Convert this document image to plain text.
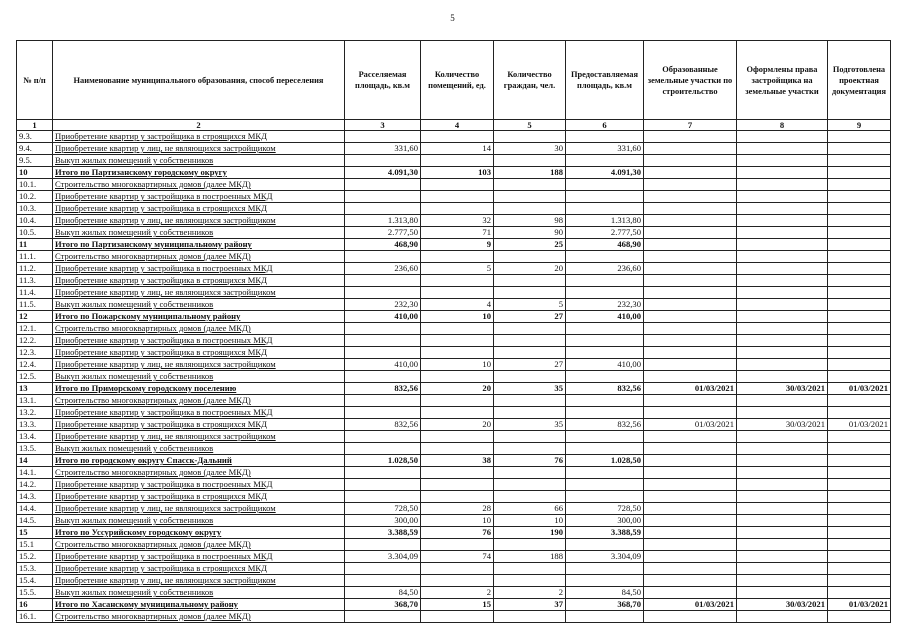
5
№ п/п	Наименование муниципального образования, способ переселения	Расселяемая площадь, кв.м	Количество помещений, ед.	Количество граждан, чел.	Предоставляемая площадь, кв.м	Образованные земельные участки по строительство	Оформлены права застройщика на земельные участки	Подготовлена проектная документация
1	2	3	4	5	6	7	8	9
9.3.	Приобретение квартир у застройщика в строящихся МКД							
9.4.	Приобретение квартир у лиц, не являющихся застройщиком	331,60	14	30	331,60			
9.5.	Выкуп жилых помещений у собственников							
10	Итого по Партизанскому городскому округу	4.091,30	103	188	4.091,30			
10.1.	Строительство многоквартирных домов (далее МКД)							
10.2.	Приобретение квартир у застройщика в построенных МКД							
10.3.	Приобретение квартир у застройщика в строящихся МКД							
10.4.	Приобретение квартир у лиц, не являющихся застройщиком	1.313,80	32	98	1.313,80			
10.5.	Выкуп жилых помещений у собственников	2.777,50	71	90	2.777,50			
11	Итого по Партизанскому муниципальному району	468,90	9	25	468,90			
11.1.	Строительство многоквартирных домов (далее МКД)							
11.2.	Приобретение квартир у застройщика в построенных МКД	236,60	5	20	236,60			
11.3.	Приобретение квартир у застройщика в строящихся МКД							
11.4.	Приобретение квартир у лиц, не являющихся застройщиком							
11.5.	Выкуп жилых помещений у собственников	232,30	4	5	232,30			
12	Итого по Пожарскому муниципальному району	410,00	10	27	410,00			
12.1.	Строительство многоквартирных домов (далее МКД)							
12.2.	Приобретение квартир у застройщика в построенных МКД							
12.3.	Приобретение квартир у застройщика в строящихся МКД							
12.4.	Приобретение квартир у лиц, не являющихся застройщиком	410,00	10	27	410,00			
12.5.	Выкуп жилых помещений у собственников							
13	Итого по Приморскому городскому поселению	832,56	20	35	832,56	01/03/2021	30/03/2021	01/03/2021
13.1.	Строительство многоквартирных домов (далее МКД)							
13.2.	Приобретение квартир у застройщика в построенных МКД							
13.3.	Приобретение квартир у застройщика в строящихся МКД	832,56	20	35	832,56	01/03/2021	30/03/2021	01/03/2021
13.4.	Приобретение квартир у лиц, не являющихся застройщиком							
13.5.	Выкуп жилых помещений у собственников							
14	Итого по городскому округу Спасск-Дальний	1.028,50	38	76	1.028,50			
14.1.	Строительство многоквартирных домов (далее МКД)							
14.2.	Приобретение квартир у застройщика в построенных МКД							
14.3.	Приобретение квартир у застройщика в строящихся МКД							
14.4.	Приобретение квартир у лиц, не являющихся застройщиком	728,50	28	66	728,50			
14.5.	Выкуп жилых помещений у собственников	300,00	10	10	300,00			
15	Итого по Уссурийскому городскому округу	3.388,59	76	190	3.388,59			
15.1	Строительство многоквартирных домов (далее МКД)							
15.2.	Приобретение квартир у застройщика в построенных МКД	3.304,09	74	188	3.304,09			
15.3.	Приобретение квартир у застройщика в строящихся МКД							
15.4.	Приобретение квартир у лиц, не являющихся застройщиком							
15.5.	Выкуп жилых помещений у собственников	84,50	2	2	84,50			
16	Итого по Хасанскому муниципальному району	368,70	15	37	368,70	01/03/2021	30/03/2021	01/03/2021
16.1.	Строительство многоквартирных домов (далее МКД)							
